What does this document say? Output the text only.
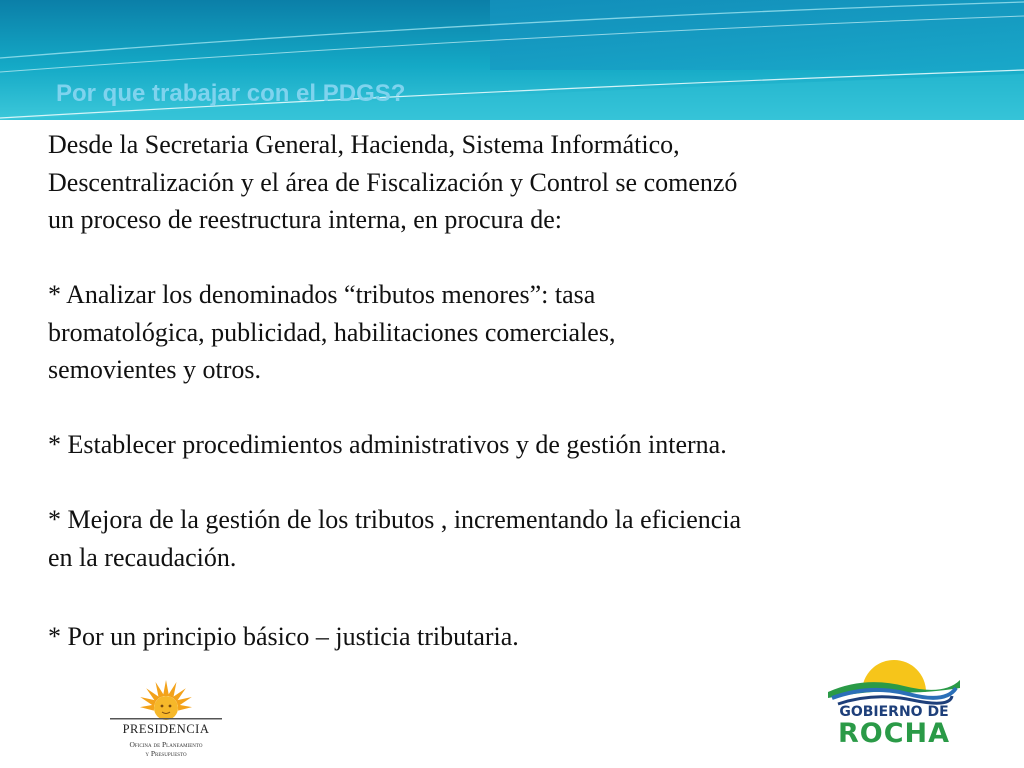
Por que trabajar con el PDGS?

Desde la Secretaria General, Hacienda, Sistema Informático,

Descentralización y el área de Fiscalización y Control se comenzó

un proceso de reestructura interna, en procura de:

* Analizar los denominados “tributos menores”: tasa

bromatológica, publicidad, habilitaciones comerciales,

semovientes y otros.

* Establecer procedimientos administrativos y de gestión interna.

* Mejora de la gestión de los tributos , incrementando la eficiencia

en la recaudación.

* Por un principio básico – justicia tributaria.

PRESIDENCIA
Oficina de Planeamiento
y Presupuesto
GOBIERNO DE
ROCHA
